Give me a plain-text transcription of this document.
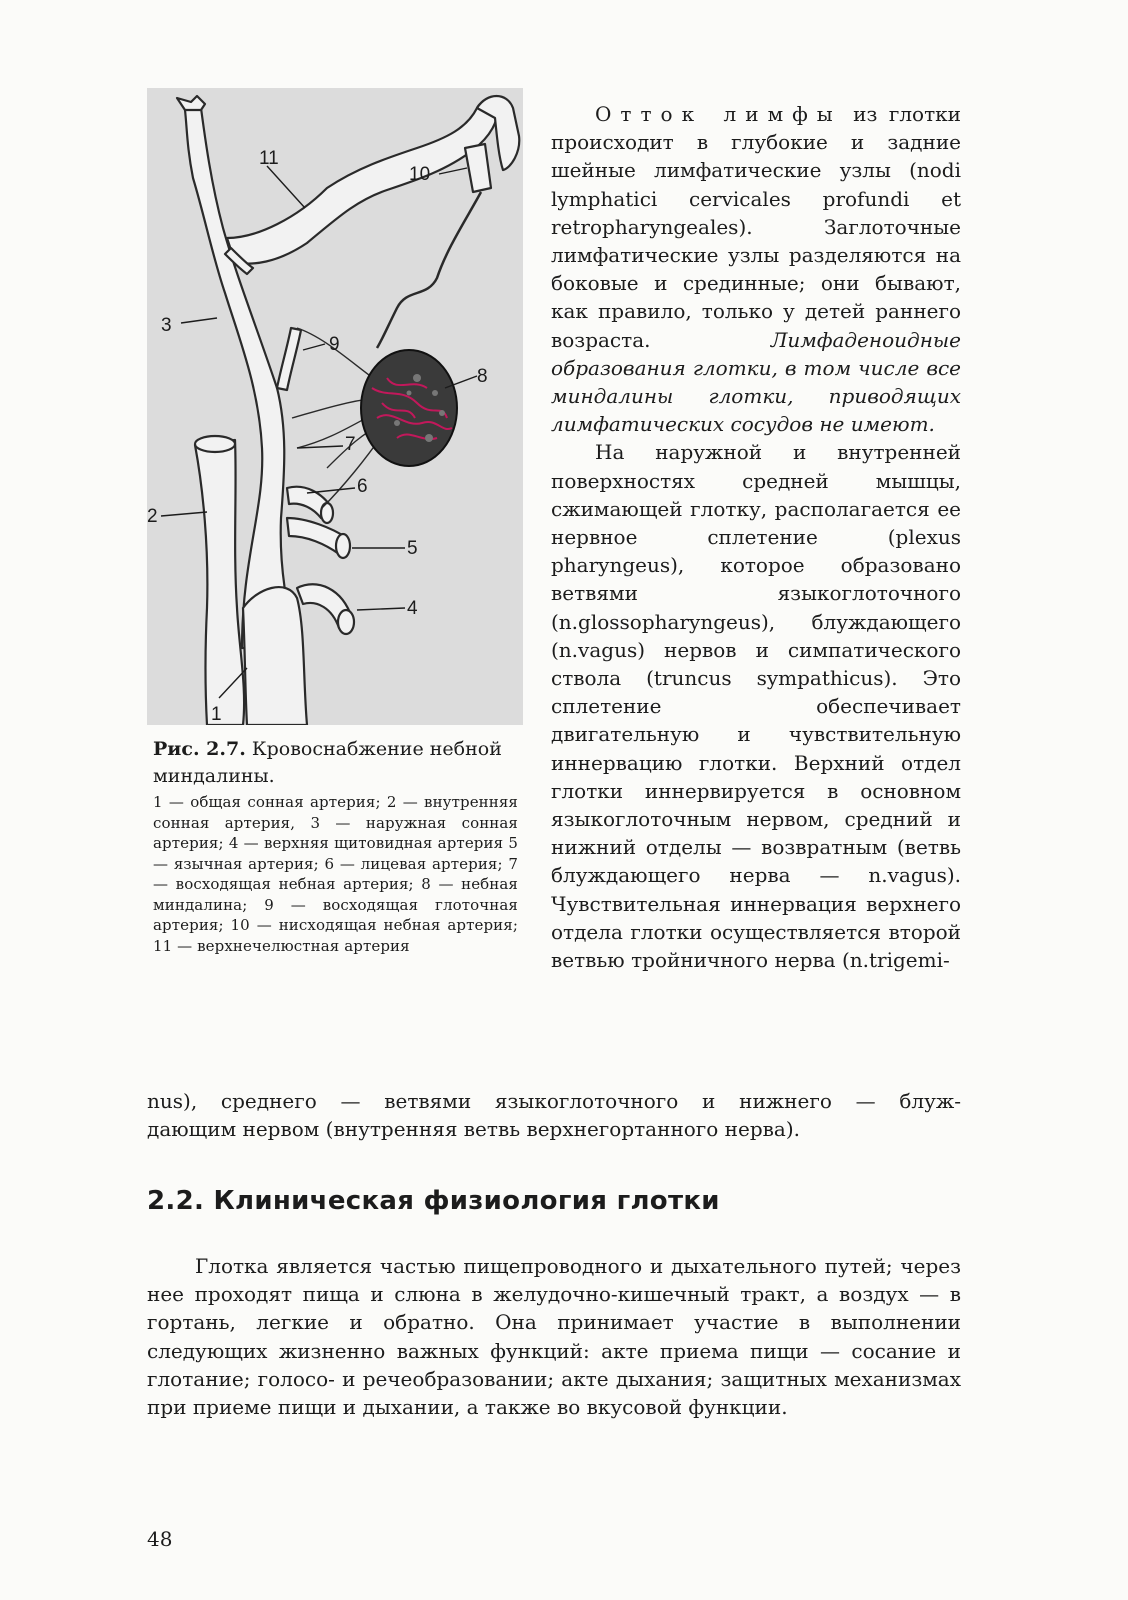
11
10
3
9
8
7
6
2
5
4
1
Рис. 2.7. Кровоснабжение небной миндалины.
1 — общая сонная артерия; 2 — внутренняя сонная артерия, 3 — наружная сонная артерия; 4 — верхняя щитовидная артерия 5 — язычная артерия; 6 — лицевая артерия; 7 — восходящая небная артерия; 8 — небная миндалина; 9 — восходящая глоточная артерия; 10 — нисходящая небная артерия; 11 — верхнечелюстная артерия

Отток лимфы из глотки происходит в глубокие и задние шейные лимфатические узлы (nodi lymphatici cervicales profundi et retropharyngeales). Заглоточные лимфатические узлы разделяются на боковые и срединные; они бывают, как правило, только у детей раннего возраста. Лимфаденоидные образования глотки, в том числе все миндалины глотки, приводящих лимфатических сосудов не имеют.

На наружной и внутренней поверхностях средней мышцы, сжимающей глотку, располагается ее нервное сплетение (plexus pharyngeus), которое образовано ветвями языкоглоточного (n.glossopharyngeus), блуждающего (n.vagus) нервов и симпатического ствола (truncus sympathicus). Это сплетение обеспечивает двигательную и чувствительную иннервацию глотки. Верхний отдел глотки иннервируется в основном языкоглоточным нервом, средний и нижний отделы — возвратным (ветвь блуждающего нерва — n.vagus). Чувствительная иннервация верхнего отдела глотки осуществляется второй ветвью тройничного нерва (n.trigemi-

nus), среднего — ветвями языкоглоточного и нижнего — блуж-
дающим нервом (внутренняя ветвь верхнегортанного нерва).
2.2. Клиническая физиология глотки

Глотка является частью пищепроводного и дыхательного путей; через нее проходят пища и слюна в желудочно-кишечный тракт, а воздух — в гортань, легкие и обратно. Она принимает участие в выполнении следующих жизненно важных функций: акте приема пищи — сосание и глотание; голосо- и речеобразовании; акте дыхания; защитных механизмах при приеме пищи и дыхании, а также во вкусовой функции.

48
